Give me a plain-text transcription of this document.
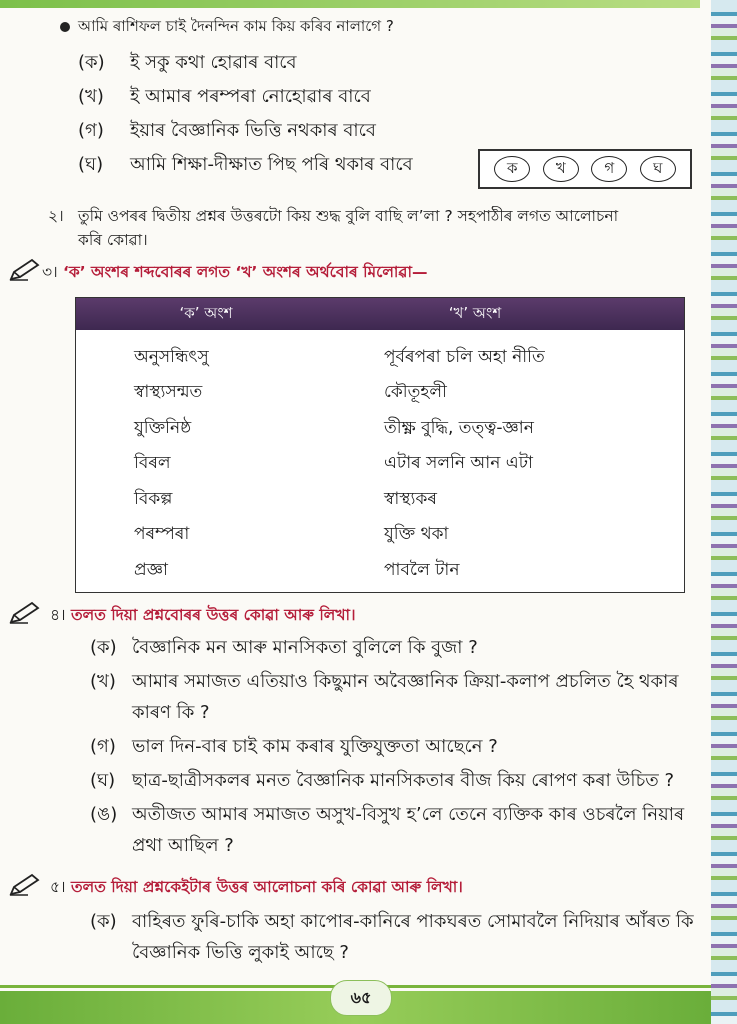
আমি ৰাশিফল চাই দৈনন্দিন কাম কিয় কৰিব নালাগে ?
(ক)	ই সকু কথা হোৱাৰ বাবে
(খ)	ই আমাৰ পৰম্পৰা নোহোৱাৰ বাবে
(গ)	ইয়াৰ বৈজ্ঞানিক ভিত্তি নথকাৰ বাবে
(ঘ)	আমি শিক্ষা-দীক্ষাত পিছ পৰি থকাৰ বাবে	ক	খ	গ	ঘ
২। তুমি ওপৰৰ দ্বিতীয় প্ৰশ্নৰ উত্তৰটো কিয় শুদ্ধ বুলি বাছি ল’লা ? সহপাঠীৰ লগত আলোচনা
কৰি কোৱা।
৩। ‘ক’ অংশৰ শব্দবোৰৰ লগত ‘খ’ অংশৰ অৰ্থবোৰ মিলোৱা—
‘ক’ অংশ	‘খ’ অংশ
অনুসন্ধিৎসু	পূৰ্বৰপৰা চলি অহা নীতি
স্বাস্থ্যসন্মত	কৌতূহলী
যুক্তিনিষ্ঠ	তীক্ষ্ণ বুদ্ধি, তত্ত্ব-জ্ঞান
বিৰল	এটাৰ সলনি আন এটা
বিকল্প	স্বাস্থ্যকৰ
পৰম্পৰা	যুক্তি থকা
প্ৰজ্ঞা	পাবলৈ টান
৪। তলত দিয়া প্ৰশ্নবোৰৰ উত্তৰ কোৱা আৰু লিখা।
(ক) বৈজ্ঞানিক মন আৰু মানসিকতা বুলিলে কি বুজা ?
(খ) আমাৰ সমাজত এতিয়াও কিছুমান অবৈজ্ঞানিক ক্ৰিয়া-কলাপ প্ৰচলিত হৈ থকাৰ কাৰণ কি ?
(গ) ভাল দিন-বাৰ চাই কাম কৰাৰ যুক্তিযুক্ততা আছেনে ?
(ঘ) ছাত্ৰ-ছাত্ৰীসকলৰ মনত বৈজ্ঞানিক মানসিকতাৰ বীজ কিয় ৰোপণ কৰা উচিত ?
(ঙ) অতীজত আমাৰ সমাজত অসুখ-বিসুখ হ’লে তেনে ব্যক্তিক কাৰ ওচৰলৈ নিয়াৰ প্ৰথা আছিল ?
৫। তলত দিয়া প্ৰশ্নকেইটাৰ উত্তৰ আলোচনা কৰি কোৱা আৰু লিখা।
(ক) বাহিৰত ফুৰি-চাকি অহা কাপোৰ-কানিৰে পাকঘৰত সোমাবলৈ নিদিয়াৰ আঁৰত কি বৈজ্ঞানিক ভিত্তি লুকাই আছে ?
৬৫
